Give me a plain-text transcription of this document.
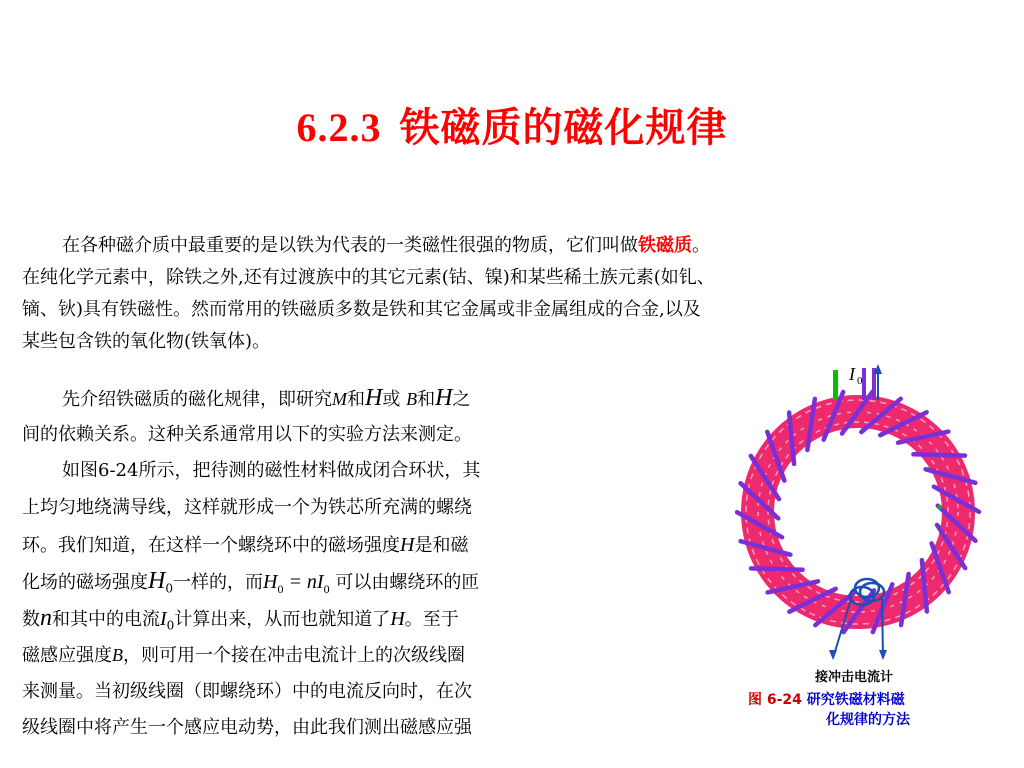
6.2.3 铁磁质的磁化规律
在各种磁介质中最重要的是以铁为代表的一类磁性很强的物质，它们叫做铁磁质。
在纯化学元素中，除铁之外,还有过渡族中的其它元素(钴、镍)和某些稀土族元素(如钆、
镝、钬)具有铁磁性。然而常用的铁磁质多数是铁和其它金属或非金属组成的合金,以及
某些包含铁的氧化物(铁氧体)。
先介绍铁磁质的磁化规律，即研究M和H或 B和H之
间的依赖关系。这种关系通常用以下的实验方法来测定。
如图6-24所示，把待测的磁性材料做成闭合环状，其
上均匀地绕满导线，这样就形成一个为铁芯所充满的螺绕
环。我们知道，在这样一个螺绕环中的磁场强度H是和磁
化场的磁场强度$H_0$一样的，而$H_0 = nI_0$ 可以由螺绕环的匝
数n和其中的电流$I_0$计算出来，从而也就知道了H。至于
磁感应强度B，则可用一个接在冲击电流计上的次级线圈
来测量。当初级线圈（即螺绕环）中的电流反向时，在次
级线圈中将产生一个感应电动势，由此我们测出磁感应强
I 0
接冲击电流计
图 6-24 研究铁磁材料磁
化规律的方法
